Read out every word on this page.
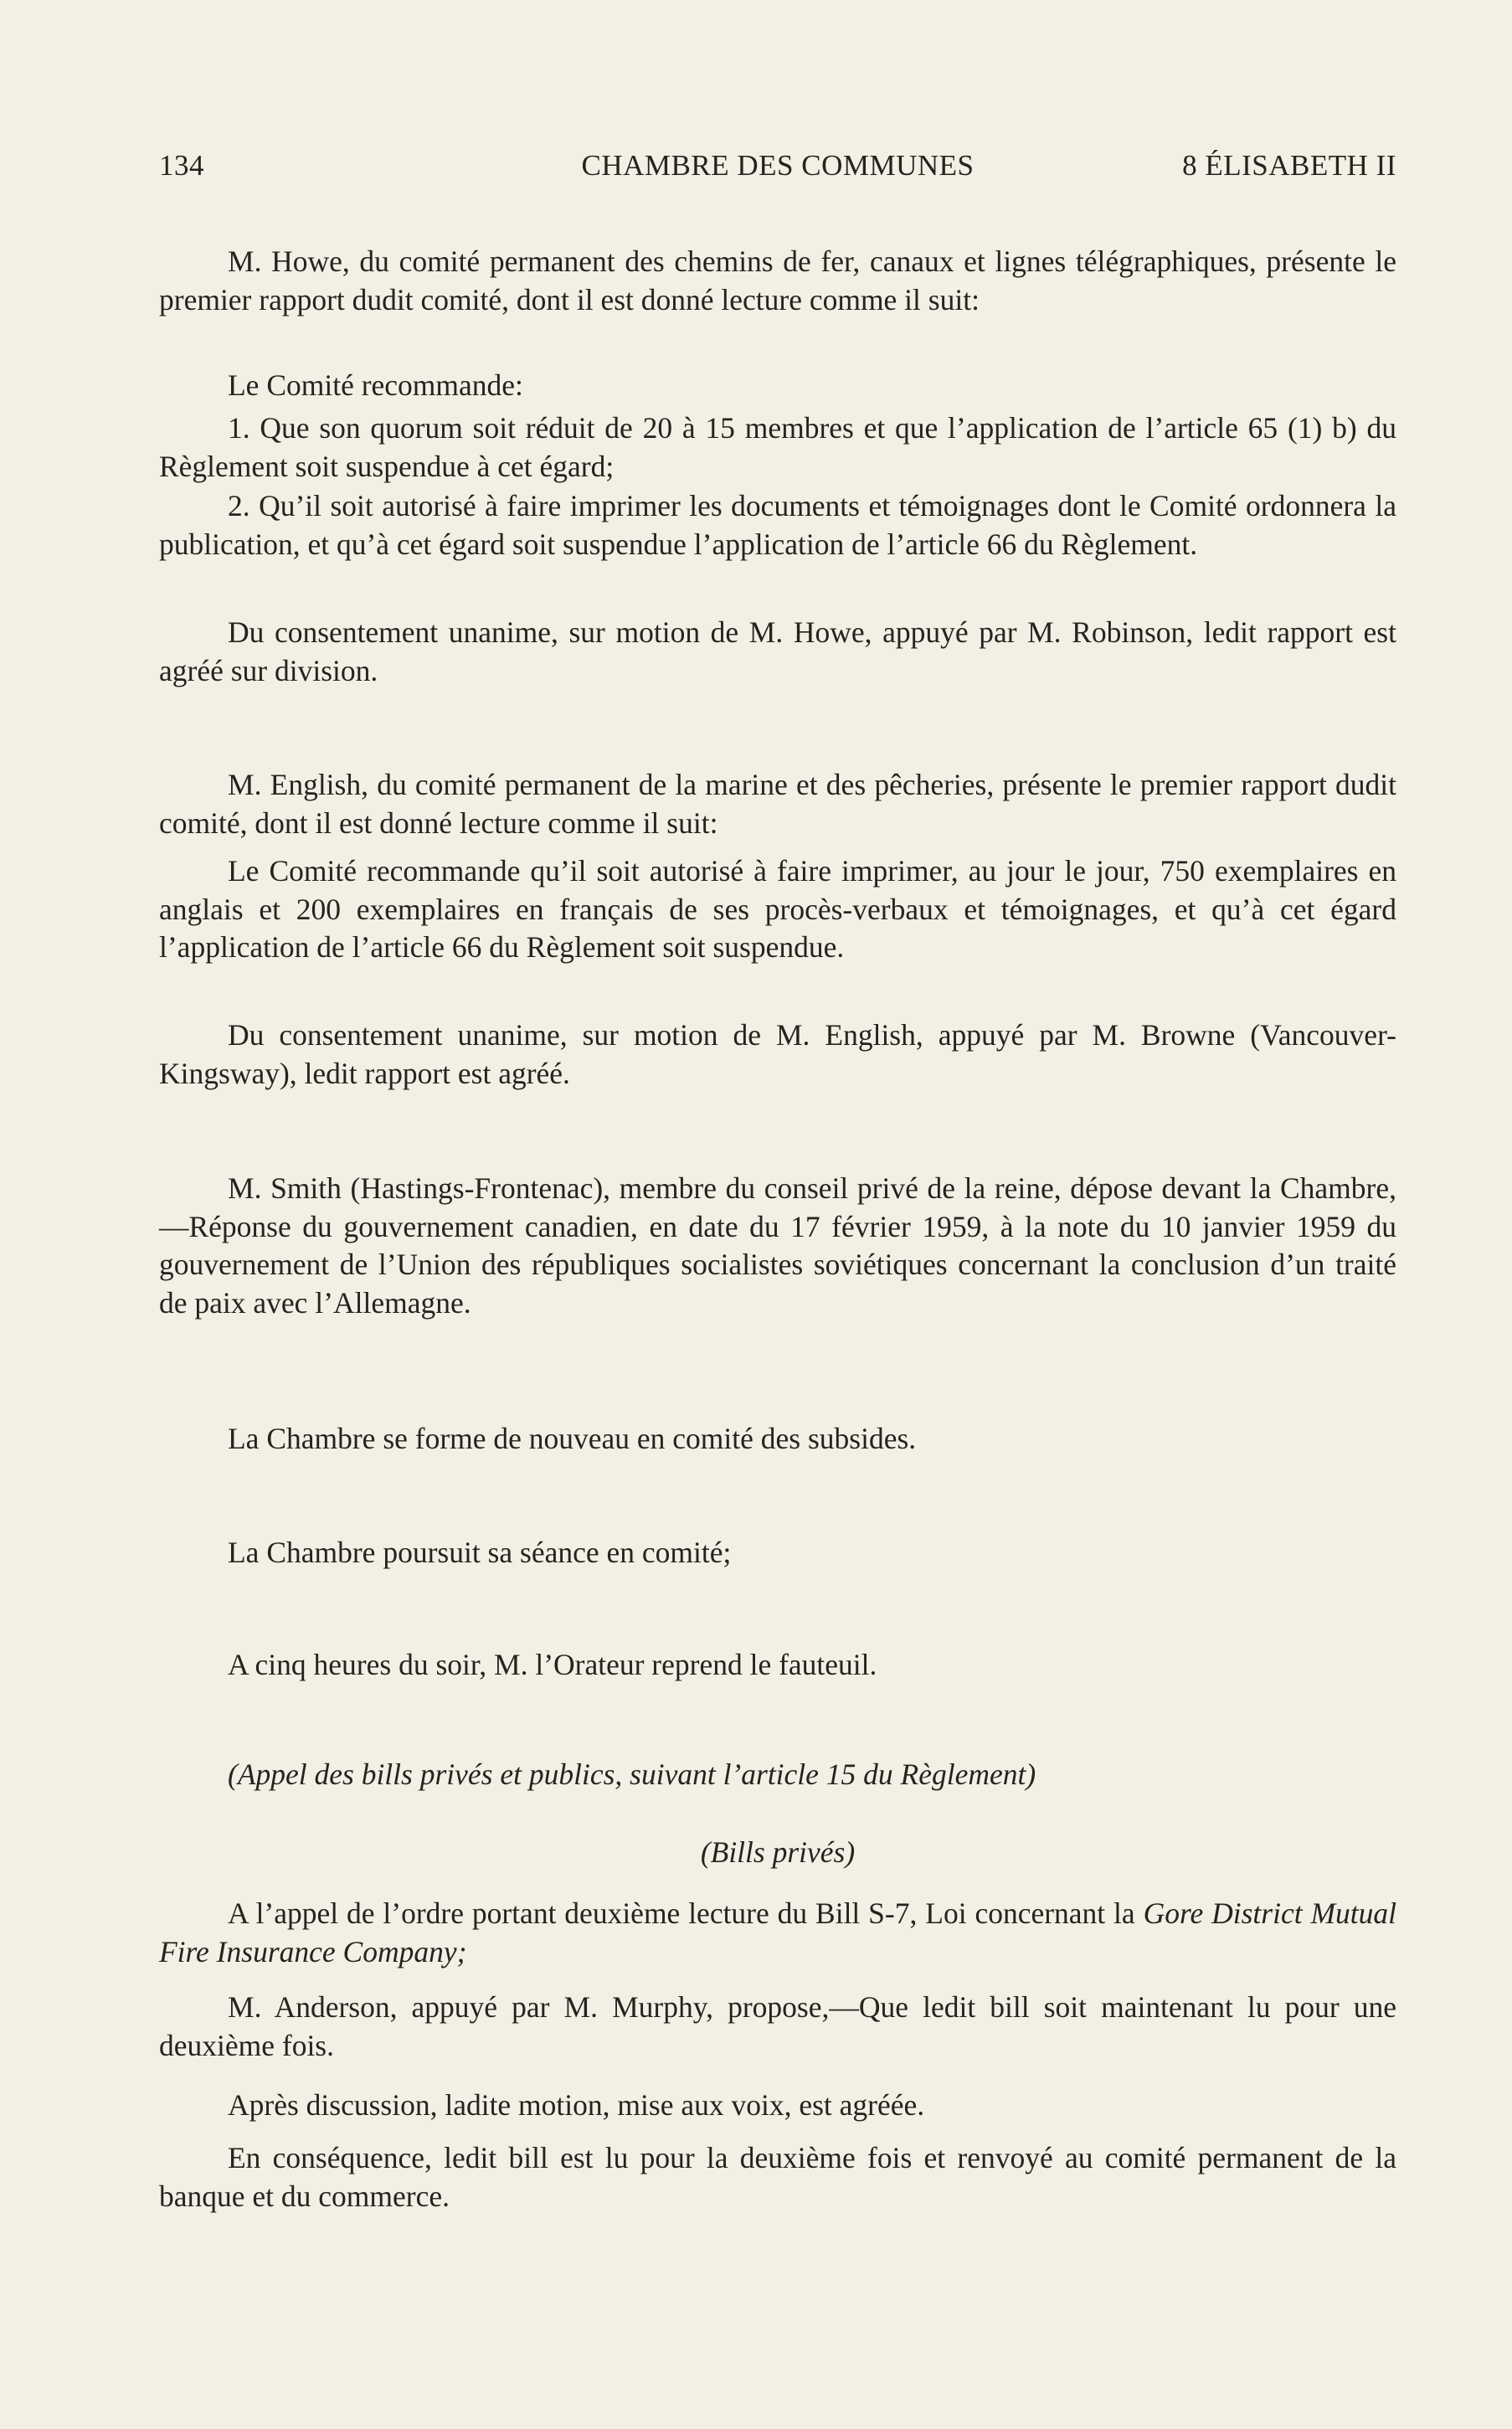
134	CHAMBRE DES COMMUNES	8 ÉLISABETH II

M. Howe, du comité permanent des chemins de fer, canaux et lignes télégraphiques, présente le premier rapport dudit comité, dont il est donné lecture comme il suit:

Le Comité recommande:

1. Que son quorum soit réduit de 20 à 15 membres et que l’application de l’article 65 (1) b) du Règlement soit suspendue à cet égard;

2. Qu’il soit autorisé à faire imprimer les documents et témoignages dont le Comité ordonnera la publication, et qu’à cet égard soit suspendue l’application de l’article 66 du Règlement.

Du consentement unanime, sur motion de M. Howe, appuyé par M. Robinson, ledit rapport est agréé sur division.

M. English, du comité permanent de la marine et des pêcheries, présente le premier rapport dudit comité, dont il est donné lecture comme il suit:

Le Comité recommande qu’il soit autorisé à faire imprimer, au jour le jour, 750 exemplaires en anglais et 200 exemplaires en français de ses procès-verbaux et témoignages, et qu’à cet égard l’application de l’article 66 du Règlement soit suspendue.

Du consentement unanime, sur motion de M. English, appuyé par M. Browne (Vancouver-Kingsway), ledit rapport est agréé.

M. Smith (Hastings-Frontenac), membre du conseil privé de la reine, dépose devant la Chambre,—Réponse du gouvernement canadien, en date du 17 février 1959, à la note du 10 janvier 1959 du gouvernement de l’Union des républiques socialistes soviétiques concernant la conclusion d’un traité de paix avec l’Allemagne.

La Chambre se forme de nouveau en comité des subsides.

La Chambre poursuit sa séance en comité;

A cinq heures du soir, M. l’Orateur reprend le fauteuil.

(Appel des bills privés et publics, suivant l’article 15 du Règlement)

(Bills privés)

A l’appel de l’ordre portant deuxième lecture du Bill S-7, Loi concernant la Gore District Mutual Fire Insurance Company;

M. Anderson, appuyé par M. Murphy, propose,—Que ledit bill soit maintenant lu pour une deuxième fois.

Après discussion, ladite motion, mise aux voix, est agréée.

En conséquence, ledit bill est lu pour la deuxième fois et renvoyé au comité permanent de la banque et du commerce.
